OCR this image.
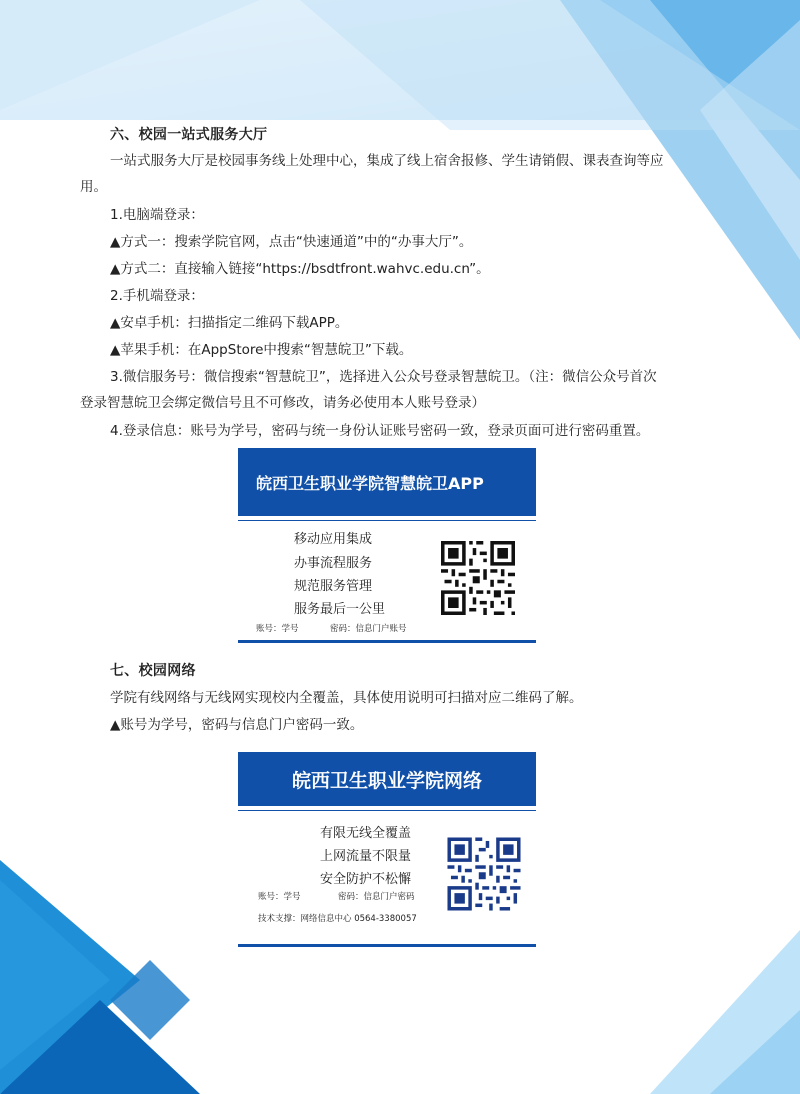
六、校园一站式服务大厅
一站式服务大厅是校园事务线上处理中心，集成了线上宿舍报修、学生请销假、课表查询等应
用。
1.电脑端登录：
▲方式一：搜索学院官网，点击“快速通道”中的“办事大厅”。
▲方式二：直接输入链接“https://bsdtfront.wahvc.edu.cn”。
2.手机端登录：
▲安卓手机：扫描指定二维码下载APP。
▲苹果手机：在AppStore中搜索“智慧皖卫”下载。
3.微信服务号：微信搜索“智慧皖卫”，选择进入公众号登录智慧皖卫。（注：微信公众号首次
登录智慧皖卫会绑定微信号且不可修改，请务必使用本人账号登录）
4.登录信息：账号为学号，密码与统一身份认证账号密码一致，登录页面可进行密码重置。
皖西卫生职业学院智慧皖卫APP
移动应用集成
办事流程服务
规范服务管理
服务最后一公里
账号：学号	密码：信息门户账号
七、校园网络
学院有线网络与无线网实现校内全覆盖，具体使用说明可扫描对应二维码了解。
▲账号为学号，密码与信息门户密码一致。
皖西卫生职业学院网络
有限无线全覆盖
上网流量不限量
安全防护不松懈
账号：学号	密码：信息门户密码
技术支撑：网络信息中心 0564-3380057
